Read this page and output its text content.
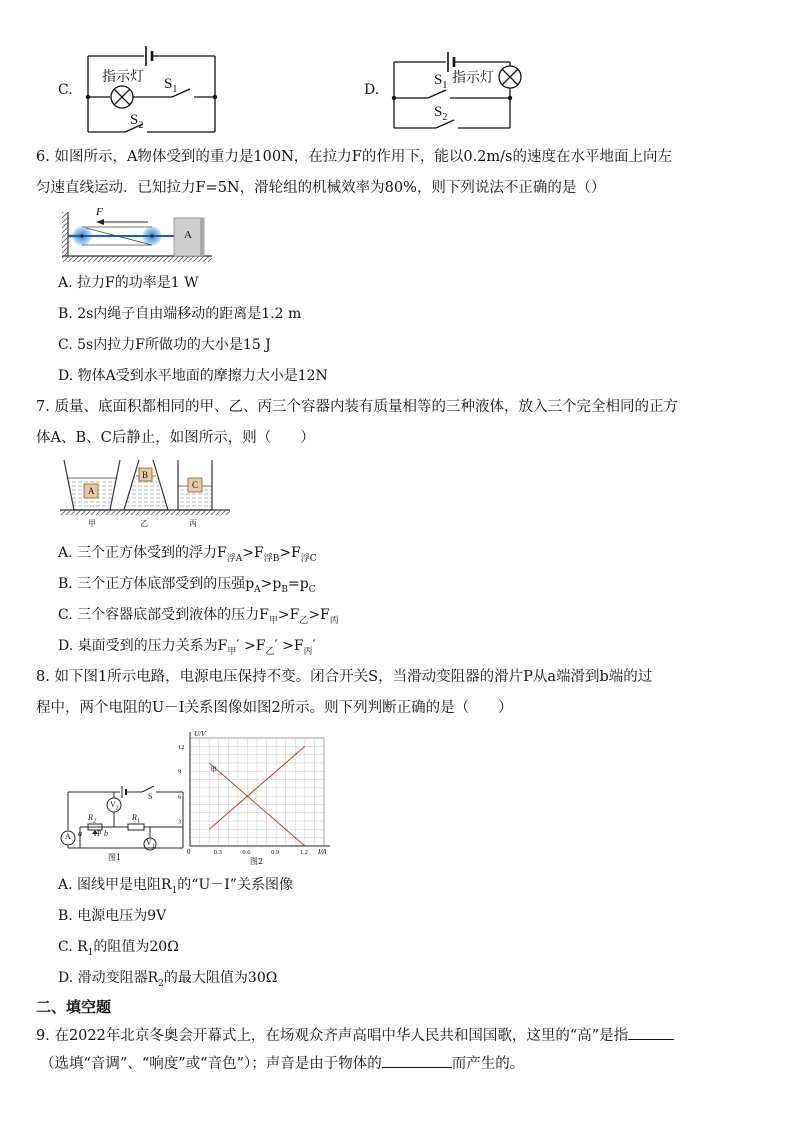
C.
指示灯 $S_1$
$S_2$
D.
指示灯
$S_1$
$S_2$
6. 如图所示，A物体受到的重力是100N，在拉力F的作用下，能以0.2m/s的速度在水平地面上向左
匀速直线运动．已知拉力F=5N，滑轮组的机械效率为80%，则下列说法不正确的是（）
F
A
A. 拉力F的功率是1 W
B. 2s内绳子自由端移动的距离是1.2 m
C. 5s内拉力F所做功的大小是15 J
D. 物体A受到水平地面的摩擦力大小是12N
7. 质量、底面积都相同的甲、乙、丙三个容器内装有质量相等的三种液体，放入三个完全相同的正方
体A、B、C后静止，如图所示，则（　　）
A
B
C
甲	乙	丙
A. 三个正方体受到的浮力$F_{浮A}>F_{浮B}>F_{浮C}$
B. 三个正方体底部受到的压强$p_A>p_B=p_C$
C. 三个容器底部受到液体的压力$F_甲>F_乙>F_丙$
D. 桌面受到的压力关系为$F_甲' >F_乙' >F_丙'$
8. 如下图1所示电路，电源电压保持不变。闭合开关S，当滑动变阻器的滑片P从a端滑到b端的过
程中，两个电阻的U－I关系图像如图2所示。则下列判断正确的是（　　）
A
$V_2$
$V_1$
S
$R_2$	$R_1$
a P b
图1
0.3	0.6	0.9	1.2
3
6
9
12
U/V
I/A
0
甲
图2
A. 图线甲是电阻$R_1$的“U－I”关系图像
B. 电源电压为9V
C. $R_1$的阻值为20Ω
D. 滑动变阻器$R_2$的最大阻值为30Ω
二、填空题
9. 在2022年北京冬奥会开幕式上，在场观众齐声高唱中华人民共和国国歌，这里的“高”是指
（选填“音调”、“响度”或“音色”）；声音是由于物体的	而产生的。
